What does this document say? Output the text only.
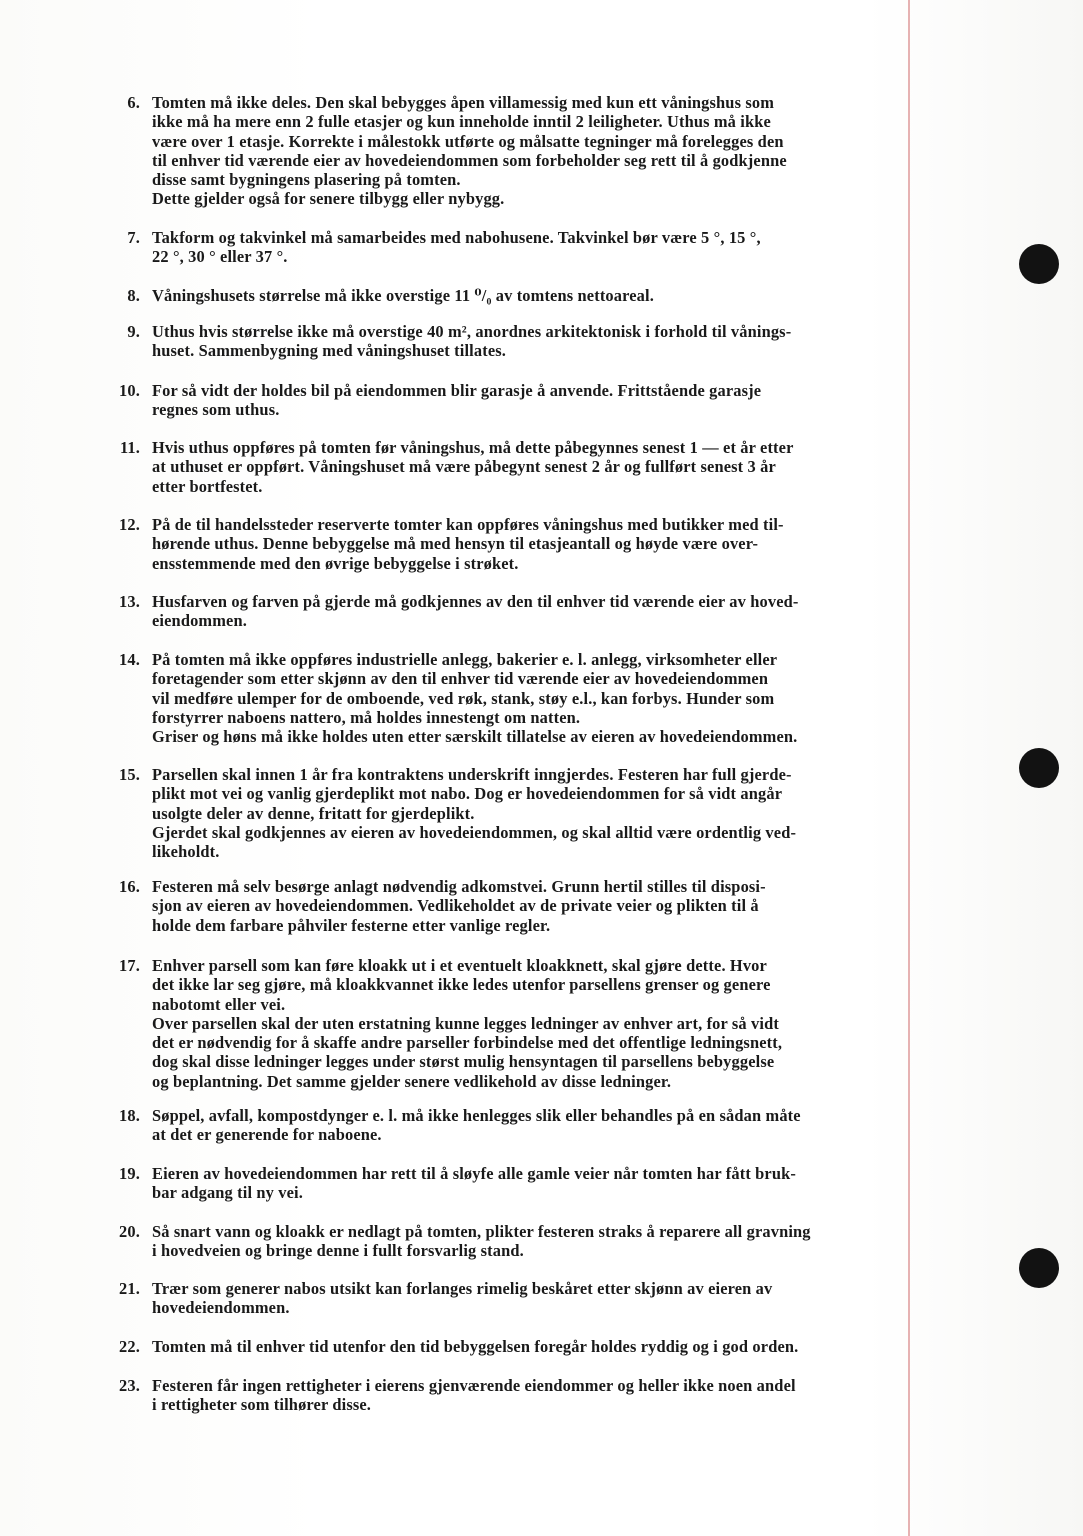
6. Tomten må ikke deles. Den skal bebygges åpen villamessig med kun ett våningshus som
ikke må ha mere enn 2 fulle etasjer og kun inneholde inntil 2 leiligheter. Uthus må ikke
være over 1 etasje. Korrekte i målestokk utførte og målsatte tegninger må forelegges den
til enhver tid værende eier av hovedeiendommen som forbeholder seg rett til å godkjenne
disse samt bygningens plasering på tomten.
Dette gjelder også for senere tilbygg eller nybygg.
7. Takform og takvinkel må samarbeides med nabohusene. Takvinkel bør være 5 °, 15 °,
22 °, 30 ° eller 37 °.
8. Våningshusets størrelse må ikke overstige 11 ⁰/₀ av tomtens nettoareal.
9. Uthus hvis størrelse ikke må overstige 40 m², anordnes arkitektonisk i forhold til vånings-
huset. Sammenbygning med våningshuset tillates.
10. For så vidt der holdes bil på eiendommen blir garasje å anvende. Frittstående garasje
regnes som uthus.
11. Hvis uthus oppføres på tomten før våningshus, må dette påbegynnes senest 1 — et år etter
at uthuset er oppført. Våningshuset må være påbegynt senest 2 år og fullført senest 3 år
etter bortfestet.
12. På de til handelssteder reserverte tomter kan oppføres våningshus med butikker med til-
hørende uthus. Denne bebyggelse må med hensyn til etasjeantall og høyde være over-
ensstemmende med den øvrige bebyggelse i strøket.
13. Husfarven og farven på gjerde må godkjennes av den til enhver tid værende eier av hoved-
eiendommen.
14. På tomten må ikke oppføres industrielle anlegg, bakerier e. l. anlegg, virksomheter eller
foretagender som etter skjønn av den til enhver tid værende eier av hovedeiendommen
vil medføre ulemper for de omboende, ved røk, stank, støy e.l., kan forbys. Hunder som
forstyrrer naboens nattero, må holdes innestengt om natten.
Griser og høns må ikke holdes uten etter særskilt tillatelse av eieren av hovedeiendommen.
15. Parsellen skal innen 1 år fra kontraktens underskrift inngjerdes. Festeren har full gjerde-
plikt mot vei og vanlig gjerdeplikt mot nabo. Dog er hovedeiendommen for så vidt angår
usolgte deler av denne, fritatt for gjerdeplikt.
Gjerdet skal godkjennes av eieren av hovedeiendommen, og skal alltid være ordentlig ved-
likeholdt.
16. Festeren må selv besørge anlagt nødvendig adkomstvei. Grunn hertil stilles til disposi-
sjon av eieren av hovedeiendommen. Vedlikeholdet av de private veier og plikten til å
holde dem farbare påhviler festerne etter vanlige regler.
17. Enhver parsell som kan føre kloakk ut i et eventuelt kloakknett, skal gjøre dette. Hvor
det ikke lar seg gjøre, må kloakkvannet ikke ledes utenfor parsellens grenser og genere
nabotomt eller vei.
Over parsellen skal der uten erstatning kunne legges ledninger av enhver art, for så vidt
det er nødvendig for å skaffe andre parseller forbindelse med det offentlige ledningsnett,
dog skal disse ledninger legges under størst mulig hensyntagen til parsellens bebyggelse
og beplantning. Det samme gjelder senere vedlikehold av disse ledninger.
18. Søppel, avfall, kompostdynger e. l. må ikke henlegges slik eller behandles på en sådan måte
at det er generende for naboene.
19. Eieren av hovedeiendommen har rett til å sløyfe alle gamle veier når tomten har fått bruk-
bar adgang til ny vei.
20. Så snart vann og kloakk er nedlagt på tomten, plikter festeren straks å reparere all gravning
i hovedveien og bringe denne i fullt forsvarlig stand.
21. Trær som generer nabos utsikt kan forlanges rimelig beskåret etter skjønn av eieren av
hovedeiendommen.
22. Tomten må til enhver tid utenfor den tid bebyggelsen foregår holdes ryddig og i god orden.
23. Festeren får ingen rettigheter i eierens gjenværende eiendommer og heller ikke noen andel
i rettigheter som tilhører disse.
